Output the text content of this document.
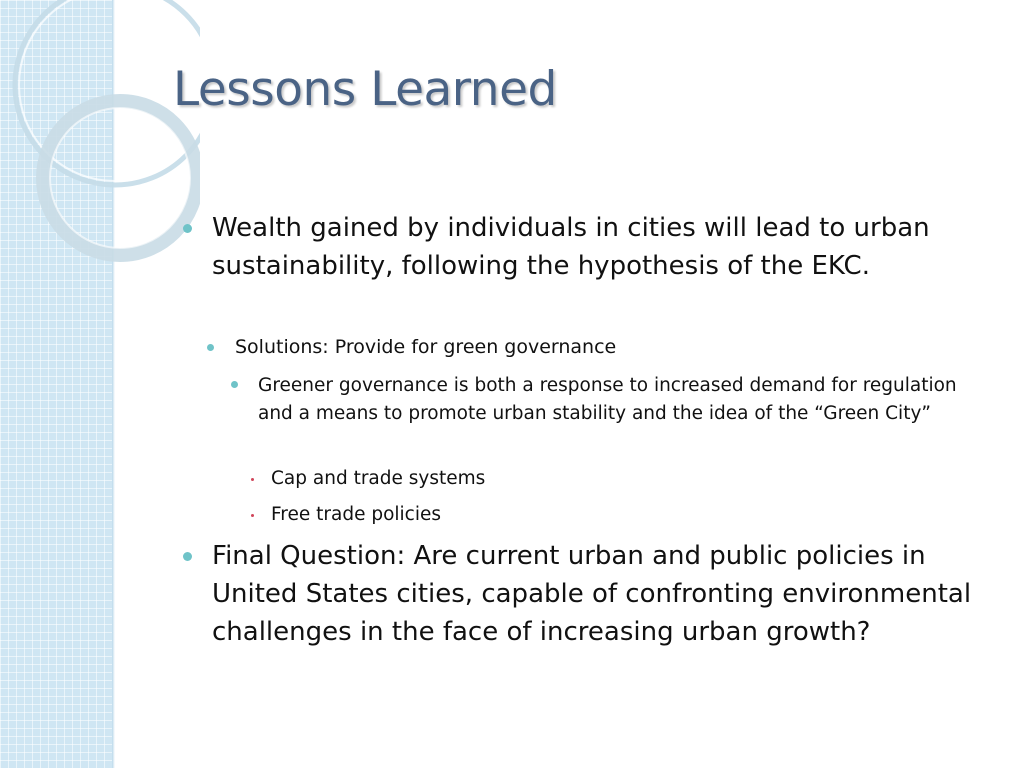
Lessons Learned

Wealth gained by individuals in cities will lead to urban sustainability, following the hypothesis of the EKC.

Solutions: Provide for green governance

Greener governance is both a response to increased demand for regulation and a means to promote urban stability and the idea of the “Green City”

Cap and trade systems

Free trade policies

Final Question: Are current urban and public policies in United States cities, capable of confronting environmental challenges in the face of increasing urban growth?
